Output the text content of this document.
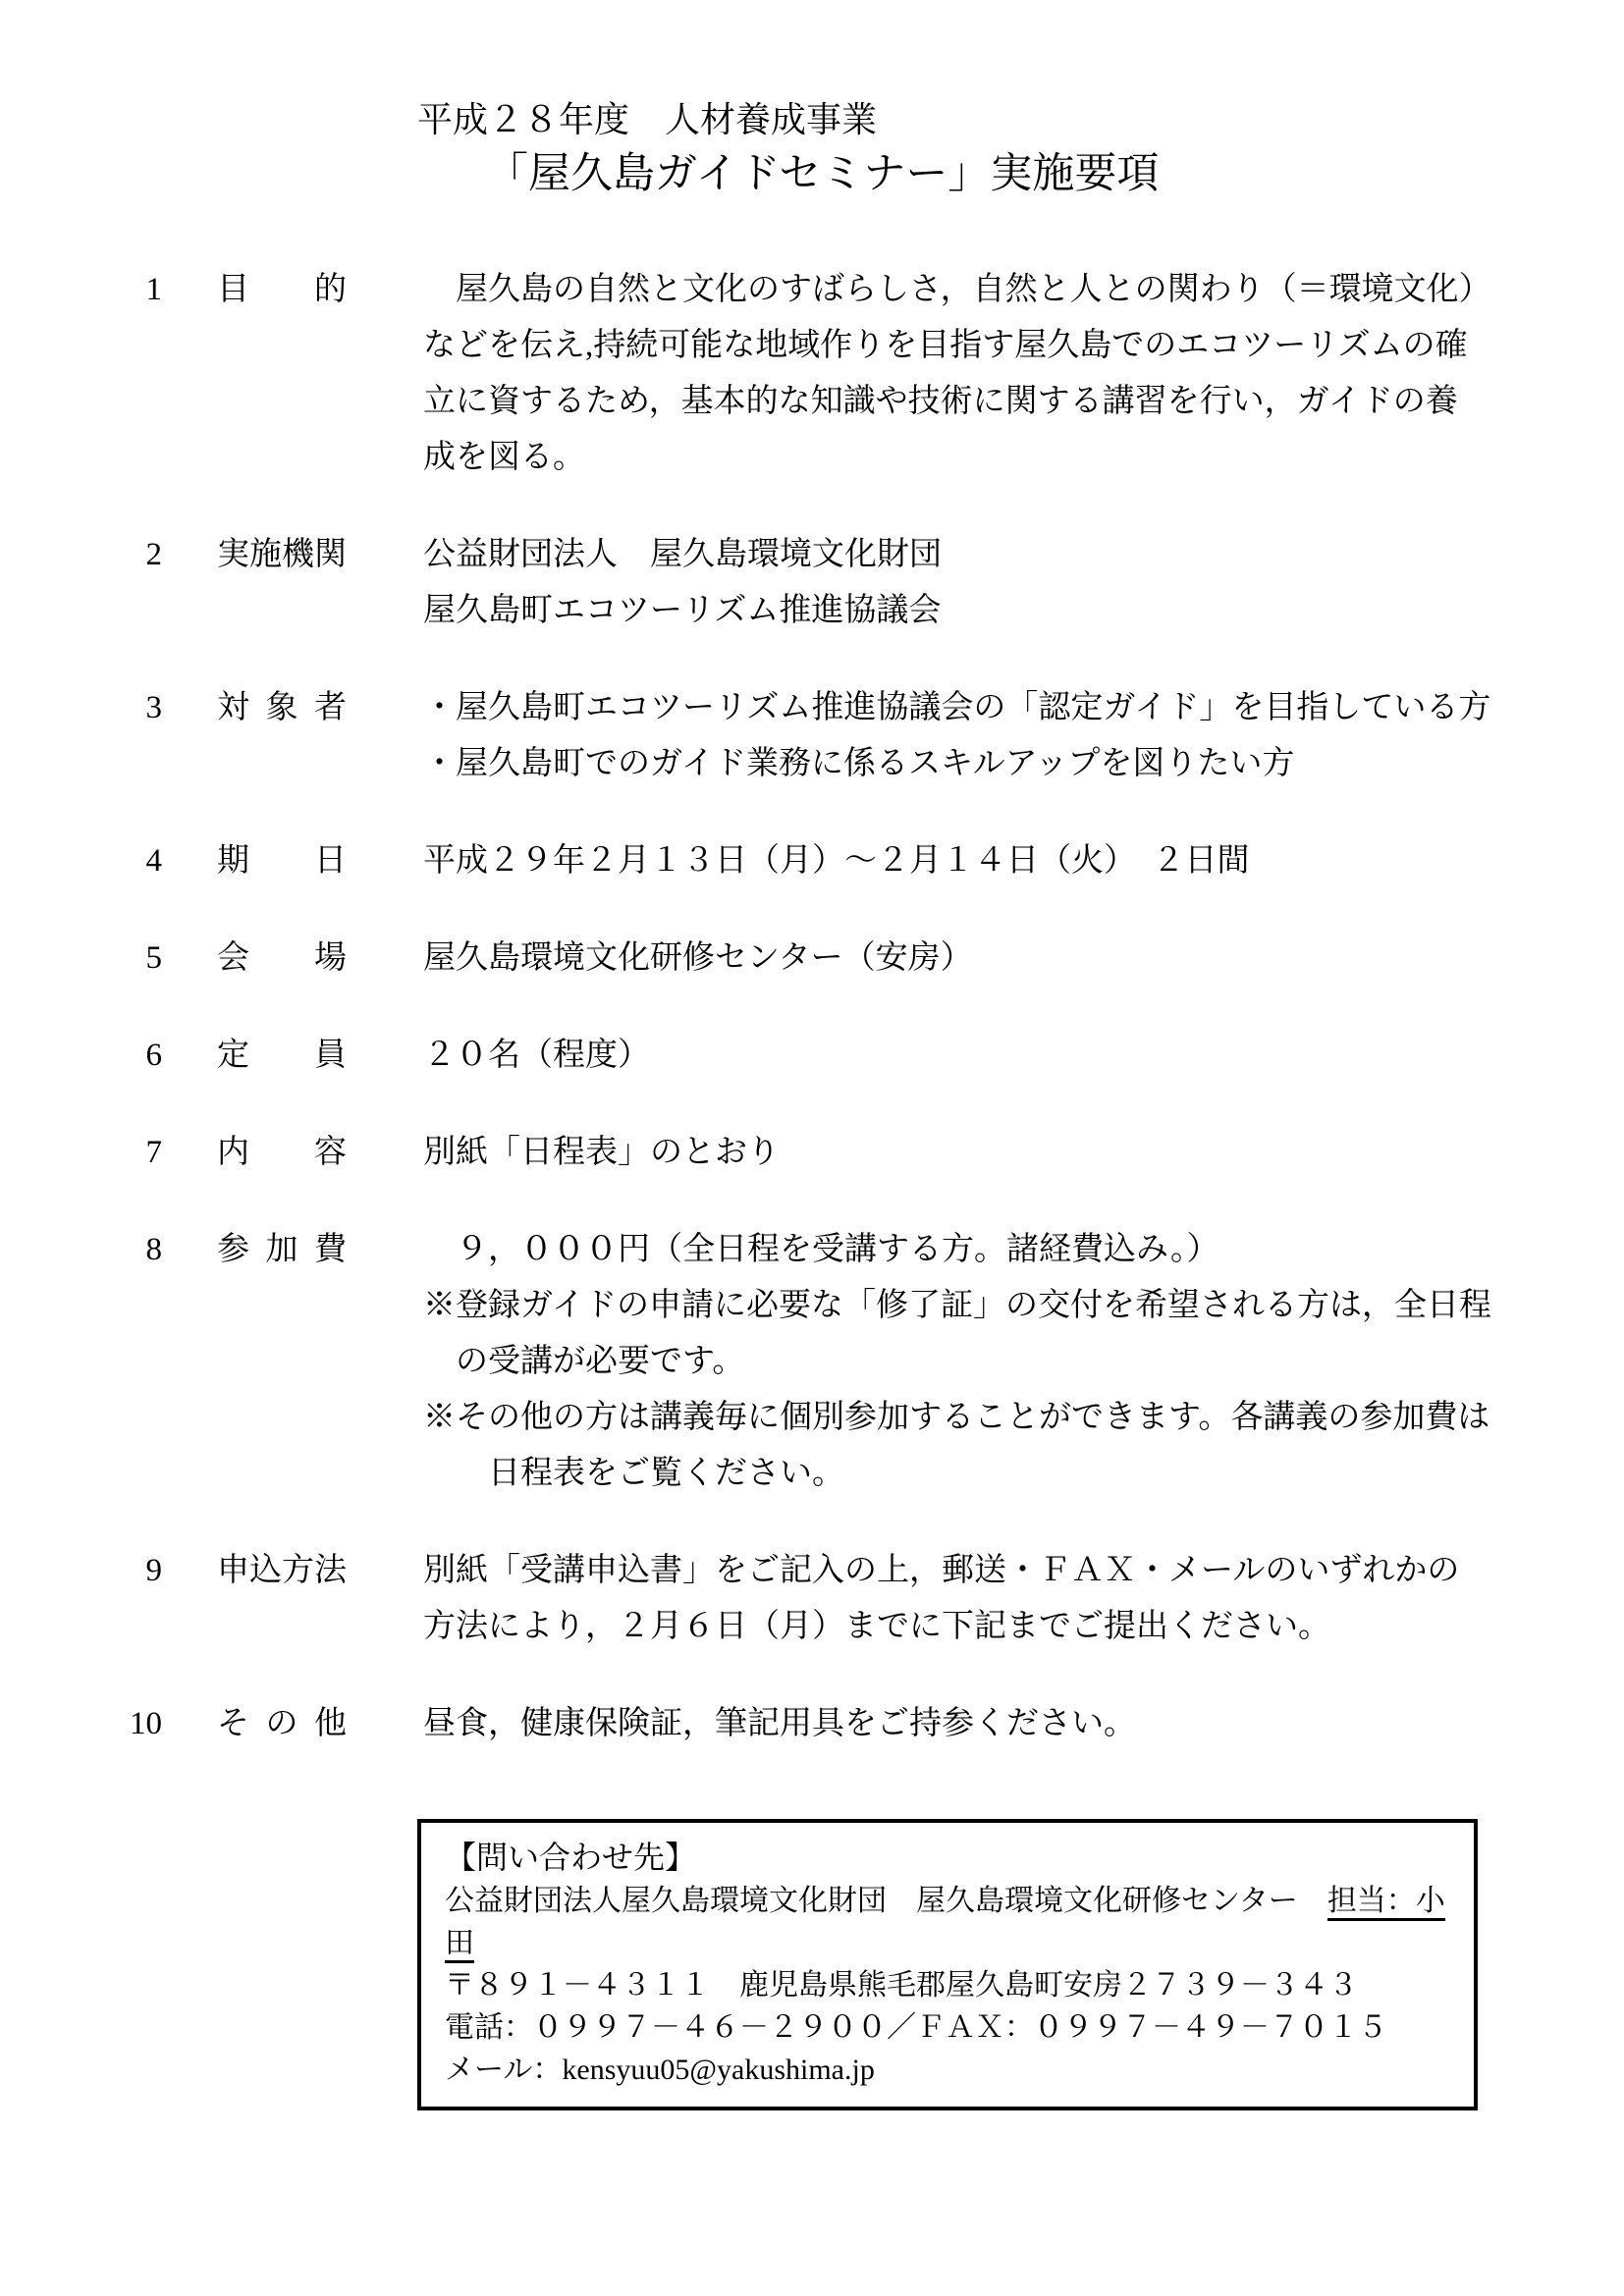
平成２８年度　人材養成事業
「屋久島ガイドセミナー」実施要項
1 目的 　屋久島の自然と文化のすばらしさ，自然と人との関わり（＝環境文化）
などを伝え,持続可能な地域作りを目指す屋久島でのエコツーリズムの確
立に資するため，基本的な知識や技術に関する講習を行い，ガイドの養
成を図る。
2 実施機関 公益財団法人　屋久島環境文化財団
屋久島町エコツーリズム推進協議会
3 対象者 ・屋久島町エコツーリズム推進協議会の「認定ガイド」を目指している方
・屋久島町でのガイド業務に係るスキルアップを図りたい方
4 期日 平成２９年２月１３日（月）～２月１４日（火）　２日間
5 会場 屋久島環境文化研修センター（安房）
6 定員 ２０名（程度）
7 内容 別紙「日程表」のとおり
8 参加費 　９，０００円（全日程を受講する方。諸経費込み。）
※登録ガイドの申請に必要な「修了証」の交付を希望される方は，全日程
　の受講が必要です。
※その他の方は講義毎に個別参加することができます。各講義の参加費は
　　日程表をご覧ください。
9 申込方法 別紙「受講申込書」をご記入の上，郵送・ＦＡＸ・メールのいずれかの
方法により，２月６日（月）までに下記までご提出ください。
10 その他 昼食，健康保険証，筆記用具をご持参ください。
【問い合わせ先】
公益財団法人屋久島環境文化財団　屋久島環境文化研修センター　担当：小田
〒８９１－４３１１　鹿児島県熊毛郡屋久島町安房２７３９－３４３
電話：０９９７－４６－２９００／ＦＡＸ：０９９７－４９－７０１５
メール：kensyuu05@yakushima.jp
